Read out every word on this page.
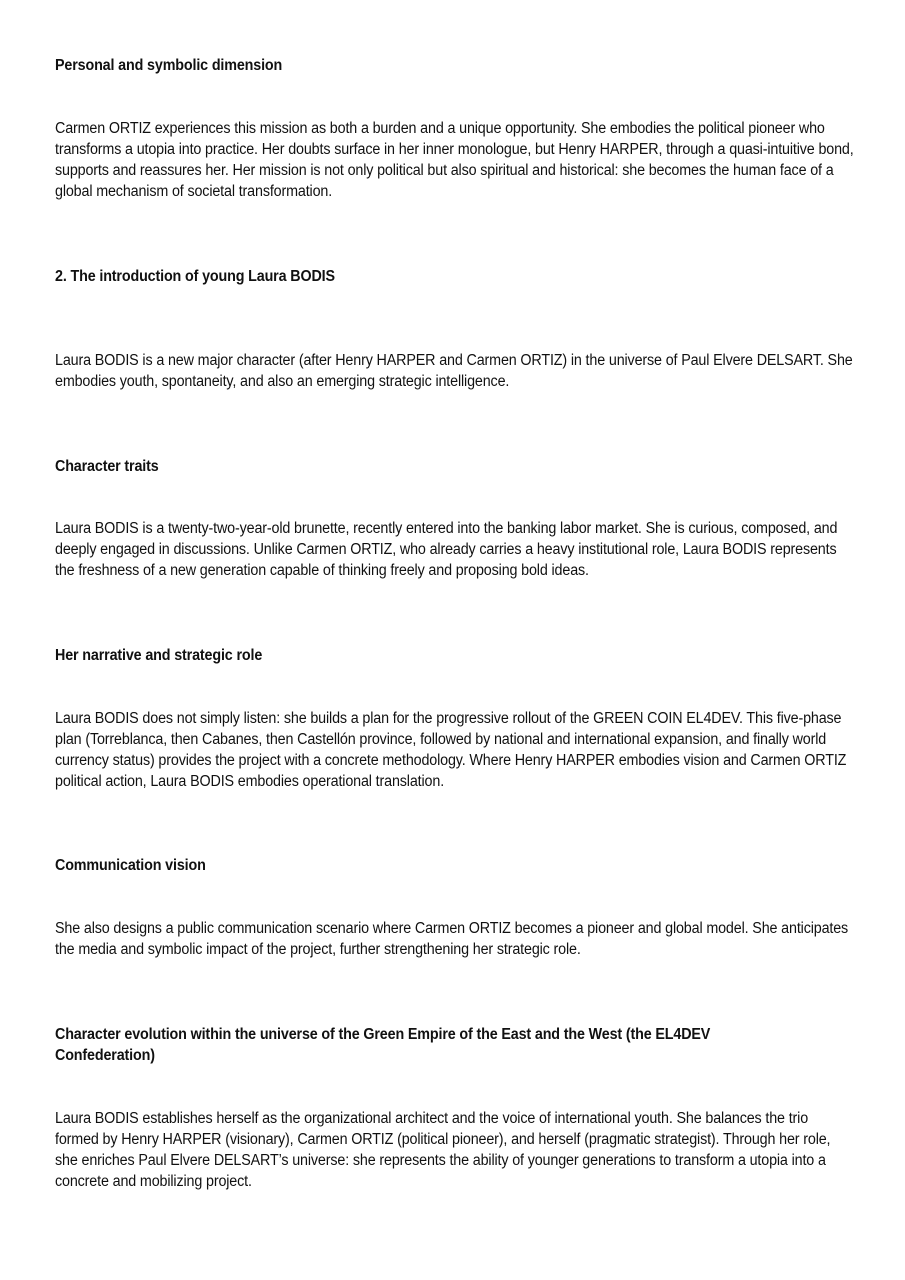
Personal and symbolic dimension

Carmen ORTIZ experiences this mission as both a burden and a unique opportunity. She embodies the political pioneer who transforms a utopia into practice. Her doubts surface in her inner monologue, but Henry HARPER, through a quasi-intuitive bond, supports and reassures her. Her mission is not only political but also spiritual and historical: she becomes the human face of a global mechanism of societal transformation.

2. The introduction of young Laura BODIS

Laura BODIS is a new major character (after Henry HARPER and Carmen ORTIZ) in the universe of Paul Elvere DELSART. She embodies youth, spontaneity, and also an emerging strategic intelligence.

Character traits

Laura BODIS is a twenty-two-year-old brunette, recently entered into the banking labor market. She is curious, composed, and deeply engaged in discussions. Unlike Carmen ORTIZ, who already carries a heavy institutional role, Laura BODIS represents the freshness of a new generation capable of thinking freely and proposing bold ideas.

Her narrative and strategic role

Laura BODIS does not simply listen: she builds a plan for the progressive rollout of the GREEN COIN EL4DEV. This five-phase plan (Torreblanca, then Cabanes, then Castellón province, followed by national and international expansion, and finally world currency status) provides the project with a concrete methodology. Where Henry HARPER embodies vision and Carmen ORTIZ political action, Laura BODIS embodies operational translation.

Communication vision

She also designs a public communication scenario where Carmen ORTIZ becomes a pioneer and global model. She anticipates the media and symbolic impact of the project, further strengthening her strategic role.

Character evolution within the universe of the Green Empire of the East and the West (the EL4DEV Confederation)

Laura BODIS establishes herself as the organizational architect and the voice of international youth. She balances the trio formed by Henry HARPER (visionary), Carmen ORTIZ (political pioneer), and herself (pragmatic strategist). Through her role, she enriches Paul Elvere DELSART’s universe: she represents the ability of younger generations to transform a utopia into a concrete and mobilizing project.
